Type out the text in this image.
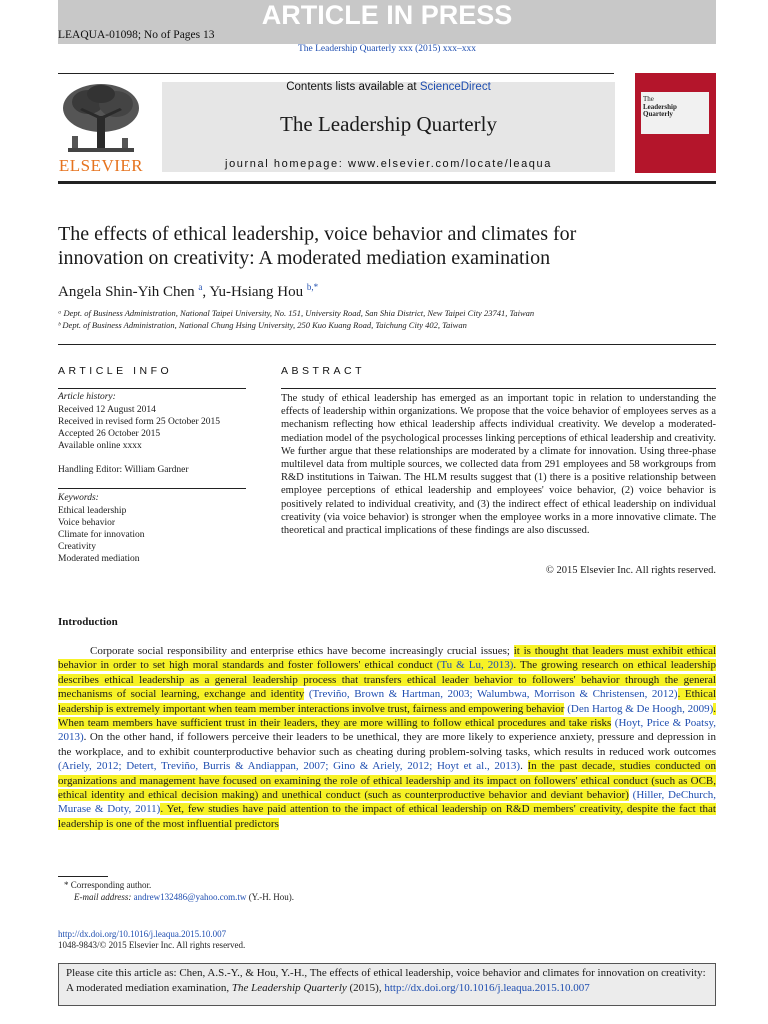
ARTICLE IN PRESS
LEAQUA-01098; No of Pages 13
The Leadership Quarterly xxx (2015) xxx–xxx
ELSEVIER
Contents lists available at ScienceDirect
The Leadership Quarterly
journal homepage: www.elsevier.com/locate/leaqua
The
Leadership
Quarterly
The effects of ethical leadership, voice behavior and climates for
innovation on creativity: A moderated mediation examination
Angela Shin-Yih Chen $^a$, Yu-Hsiang Hou $^{b,*}$
ᵃ Dept. of Business Administration, National Taipei University, No. 151, University Road, San Shia District, New Taipei City 23741, Taiwan
ᵇ Dept. of Business Administration, National Chung Hsing University, 250 Kuo Kuang Road, Taichung City 402, Taiwan
ARTICLE INFO
Article history:
Received 12 August 2014
Received in revised form 25 October 2015
Accepted 26 October 2015
Available online xxxx
Handling Editor: William Gardner
Keywords:
Ethical leadership
Voice behavior
Climate for innovation
Creativity
Moderated mediation
ABSTRACT
The study of ethical leadership has emerged as an important topic in relation to understanding the effects of leadership within organizations. We propose that the voice behavior of employees serves as a mechanism reflecting how ethical leadership affects individual creativity. We develop a moderated-mediation model of the psychological processes linking perceptions of ethical leadership and creativity. We further argue that these relationships are moderated by a climate for innovation. Using three-phase multilevel data from multiple sources, we collected data from 291 employees and 58 workgroups from R&D institutions in Taiwan. The HLM results suggest that (1) there is a positive relationship between employee perceptions of ethical leadership and employees' voice behavior, (2) voice behavior is positively related to individual creativity, and (3) the indirect effect of ethical leadership on individual creativity (via voice behavior) is stronger when the employee works in a more innovative climate. The theoretical and practical implications of these findings are also discussed.
© 2015 Elsevier Inc. All rights reserved.
Introduction
Corporate social responsibility and enterprise ethics have become increasingly crucial issues; it is thought that leaders must exhibit ethical behavior in order to set high moral standards and foster followers' ethical conduct (Tu & Lu, 2013). The growing research on ethical leadership describes ethical leadership as a general leadership process that transfers ethical leader behavior to followers' behavior through the general mechanisms of social learning, exchange and identity (Treviño, Brown & Hartman, 2003; Walumbwa, Morrison & Christensen, 2012). Ethical leadership is extremely important when team member interactions involve trust, fairness and empowering behavior (Den Hartog & De Hoogh, 2009). When team members have sufficient trust in their leaders, they are more willing to follow ethical procedures and take risks (Hoyt, Price & Poatsy, 2013). On the other hand, if followers perceive their leaders to be unethical, they are more likely to experience anxiety, pressure and depression in the workplace, and to exhibit counterproductive behavior such as cheating during problem-solving tasks, which results in reduced work outcomes (Ariely, 2012; Detert, Treviño, Burris & Andiappan, 2007; Gino & Ariely, 2012; Hoyt et al., 2013). In the past decade, studies conducted on organizations and management have focused on examining the role of ethical leadership and its impact on followers' ethical conduct (such as OCB, ethical identity and ethical decision making) and unethical conduct (such as counterproductive behavior and deviant behavior) (Hiller, DeChurch, Murase & Doty, 2011). Yet, few studies have paid attention to the impact of ethical leadership on R&D members' creativity, despite the fact that leadership is one of the most influential predictors
* Corresponding author.
E-mail address: andrew132486@yahoo.com.tw (Y.-H. Hou).
http://dx.doi.org/10.1016/j.leaqua.2015.10.007
1048-9843/© 2015 Elsevier Inc. All rights reserved.
Please cite this article as: Chen, A.S.-Y., & Hou, Y.-H., The effects of ethical leadership, voice behavior and climates for innovation on creativity: A moderated mediation examination, The Leadership Quarterly (2015), http://dx.doi.org/10.1016/j.leaqua.2015.10.007
